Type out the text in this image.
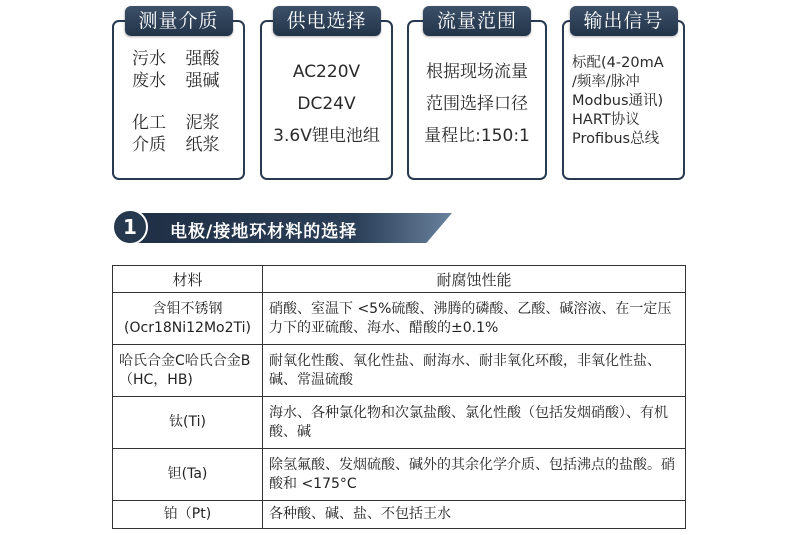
测量介质
污水	强酸
废水	强碱
化工	泥浆
介质	纸浆
供电选择
AC220V
DC24V
3.6V锂电池组
流量范围
根据现场流量
范围选择口径
量程比:150:1
输出信号
标配(4-20mA
/频率/脉冲
Modbus通讯)
HART协议
Profibus总线
1	电极/接地环材料的选择
材料	耐腐蚀性能
含钼不锈钢
(Ocr18Ni12Mo2Ti)	硝酸、室温下 <5%硫酸、沸腾的磷酸、乙酸、碱溶液、在一定压力下的亚硫酸、海水、醋酸的±0.1%
哈氏合金C哈氏合金B （HC，HB)	耐氧化性酸、氧化性盐、耐海水、耐非氧化环酸，非氧化性盐、碱、常温硫酸
钛(Ti)	海水、各种氯化物和次氯盐酸、氯化性酸（包括发烟硝酸）、有机酸、碱
钽(Ta)	除氢氟酸、发烟硫酸、碱外的其余化学介质、包括沸点的盐酸。硝酸和 <175°C
铂（Pt)	各种酸、碱、盐、不包括王水
